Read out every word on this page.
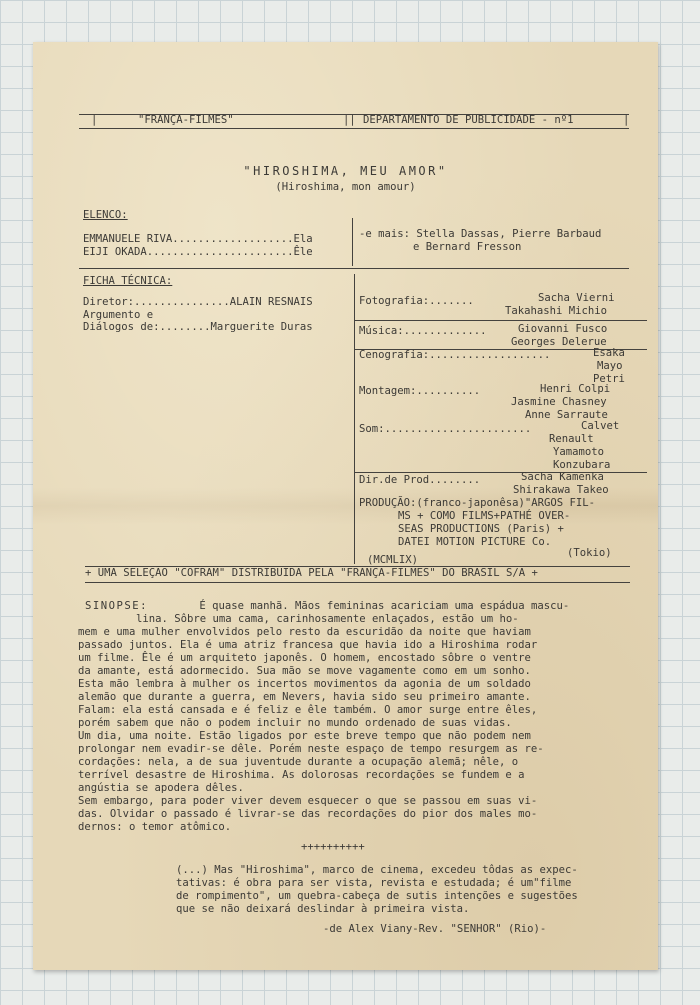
|	"FRANÇA-FILMES"	|| DEPARTAMENTO DE PUBLICIDADE - nº1	|
"HIROSHIMA, MEU AMOR"
(Hiroshima, mon amour)
ELENCO:
EMMANUELE RIVA...................Ela
EIJI OKADA.......................Êle
-e mais: Stella Dassas, Pierre Barbaud
e Bernard Fresson
FICHA TÉCNICA:
Diretor:...............ALAIN RESNAIS
Argumento e
Diálogos de:........Marguerite Duras
Fotografia:.......	Sacha Vierni
Takahashi Michio
Música:.............	Giovanni Fusco
Georges Delerue
Cenografia:...................	Esaka
Mayo
Petri
Montagem:..........	Henri Colpi
Jasmine Chasney
Anne Sarraute
Som:.......................	Calvet
Renault
Yamamoto
Konzubara
Dir.de Prod........	Sacha Kamenka
Shirakawa Takeo
PRODUÇÃO:(franco-japonêsa)"ARGOS FIL-
MS + COMO FILMS+PATHÉ OVER-
SEAS PRODUCTIONS (Paris) +
DATEI MOTION PICTURE Co.
(Tokio)
(MCMLIX)
+ UMA SELEÇÃO "COFRAM" DISTRIBUIDA PELA "FRANÇA-FILMES" DO BRASIL S/A +
SINOPSE:	É quase manhã. Mãos femininas acariciam uma espádua mascu-
lina. Sôbre uma cama, carinhosamente enlaçados, estão um ho-
mem e uma mulher envolvidos pelo resto da escuridão da noite que haviam
passado juntos. Ela é uma atriz francesa que havia ido a Hiroshima rodar
um filme. Êle é um arquiteto japonês. O homem, encostado sôbre o ventre
da amante, está adormecido. Sua mão se move vagamente como em um sonho.
Esta mão lembra à mulher os incertos movimentos da agonia de um soldado
alemão que durante a guerra, em Nevers, havia sido seu primeiro amante.
Falam: ela está cansada e é feliz e êle também. O amor surge entre êles,
porém sabem que não o podem incluir no mundo ordenado de suas vidas.
Um dia, uma noite. Estão ligados por este breve tempo que não podem nem
prolongar nem evadir-se dêle. Porém neste espaço de tempo resurgem as re-
cordações: nela, a de sua juventude durante a ocupação alemã; nêle, o
terrível desastre de Hiroshima. As dolorosas recordações se fundem e a
angústia se apodera dêles.
Sem embargo, para poder viver devem esquecer o que se passou em suas vi-
das. Olvidar o passado é livrar-se das recordações do pior dos males mo-
dernos: o temor atômico.
++++++++++
(...) Mas "Hiroshima", marco de cinema, excedeu tôdas as expec-
tativas: é obra para ser vista, revista e estudada; é um"filme
de rompimento", um quebra-cabeça de sutis intenções e sugestões
que se não deixará deslindar à primeira vista.
-de Alex Viany-Rev. "SENHOR" (Rio)-
